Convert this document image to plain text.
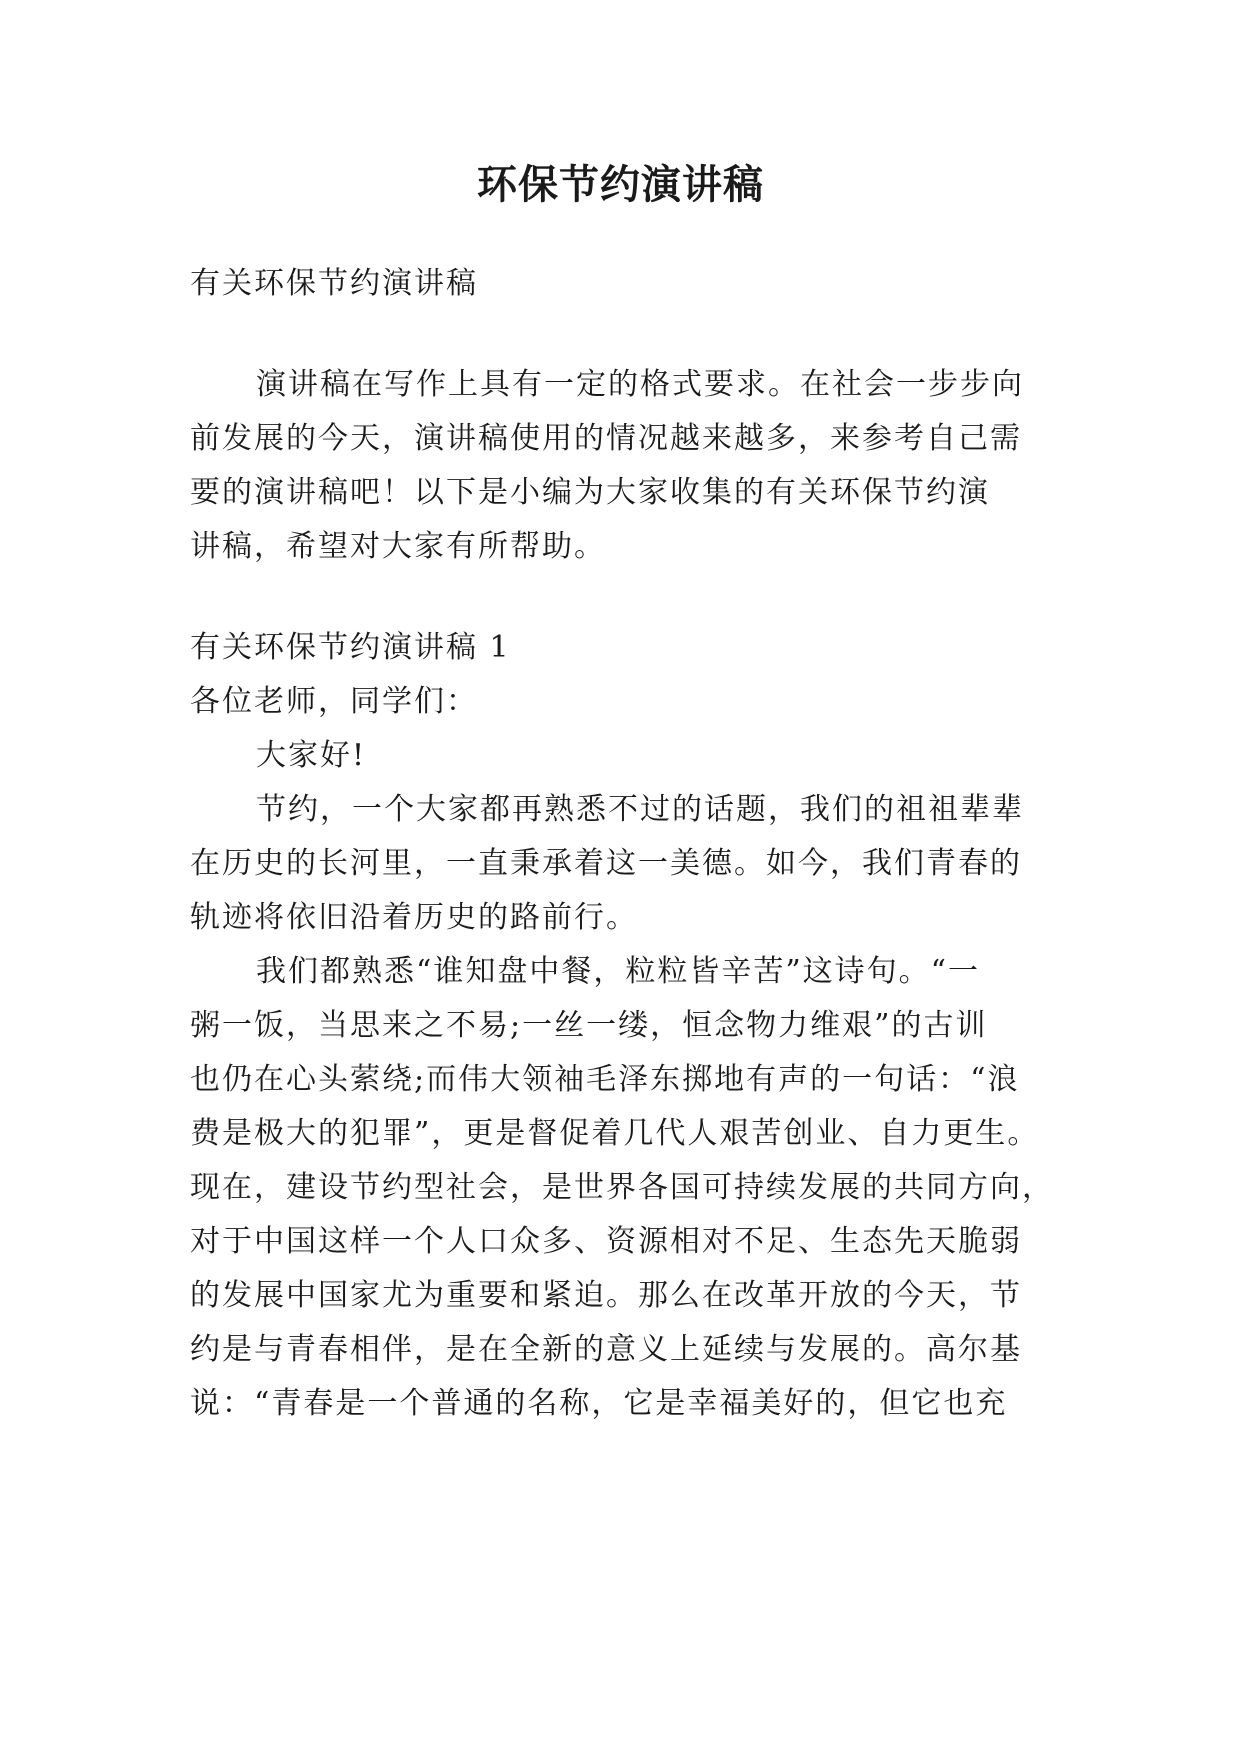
环保节约演讲稿
有关环保节约演讲稿
演讲稿在写作上具有一定的格式要求。在社会一步步向
前发展的今天，演讲稿使用的情况越来越多，来参考自己需
要的演讲稿吧！以下是小编为大家收集的有关环保节约演
讲稿，希望对大家有所帮助。
有关环保节约演讲稿 1
各位老师，同学们：
大家好!
节约，一个大家都再熟悉不过的话题，我们的祖祖辈辈
在历史的长河里，一直秉承着这一美德。如今，我们青春的
轨迹将依旧沿着历史的路前行。
我们都熟悉“谁知盘中餐，粒粒皆辛苦”这诗句。“一
粥一饭，当思来之不易;一丝一缕，恒念物力维艰”的古训
也仍在心头萦绕;而伟大领袖毛泽东掷地有声的一句话：“浪
费是极大的犯罪”，更是督促着几代人艰苦创业、自力更生。
现在，建设节约型社会，是世界各国可持续发展的共同方向，
对于中国这样一个人口众多、资源相对不足、生态先天脆弱
的发展中国家尤为重要和紧迫。那么在改革开放的今天，节
约是与青春相伴，是在全新的意义上延续与发展的。高尔基
说：“青春是一个普通的名称，它是幸福美好的，但它也充
